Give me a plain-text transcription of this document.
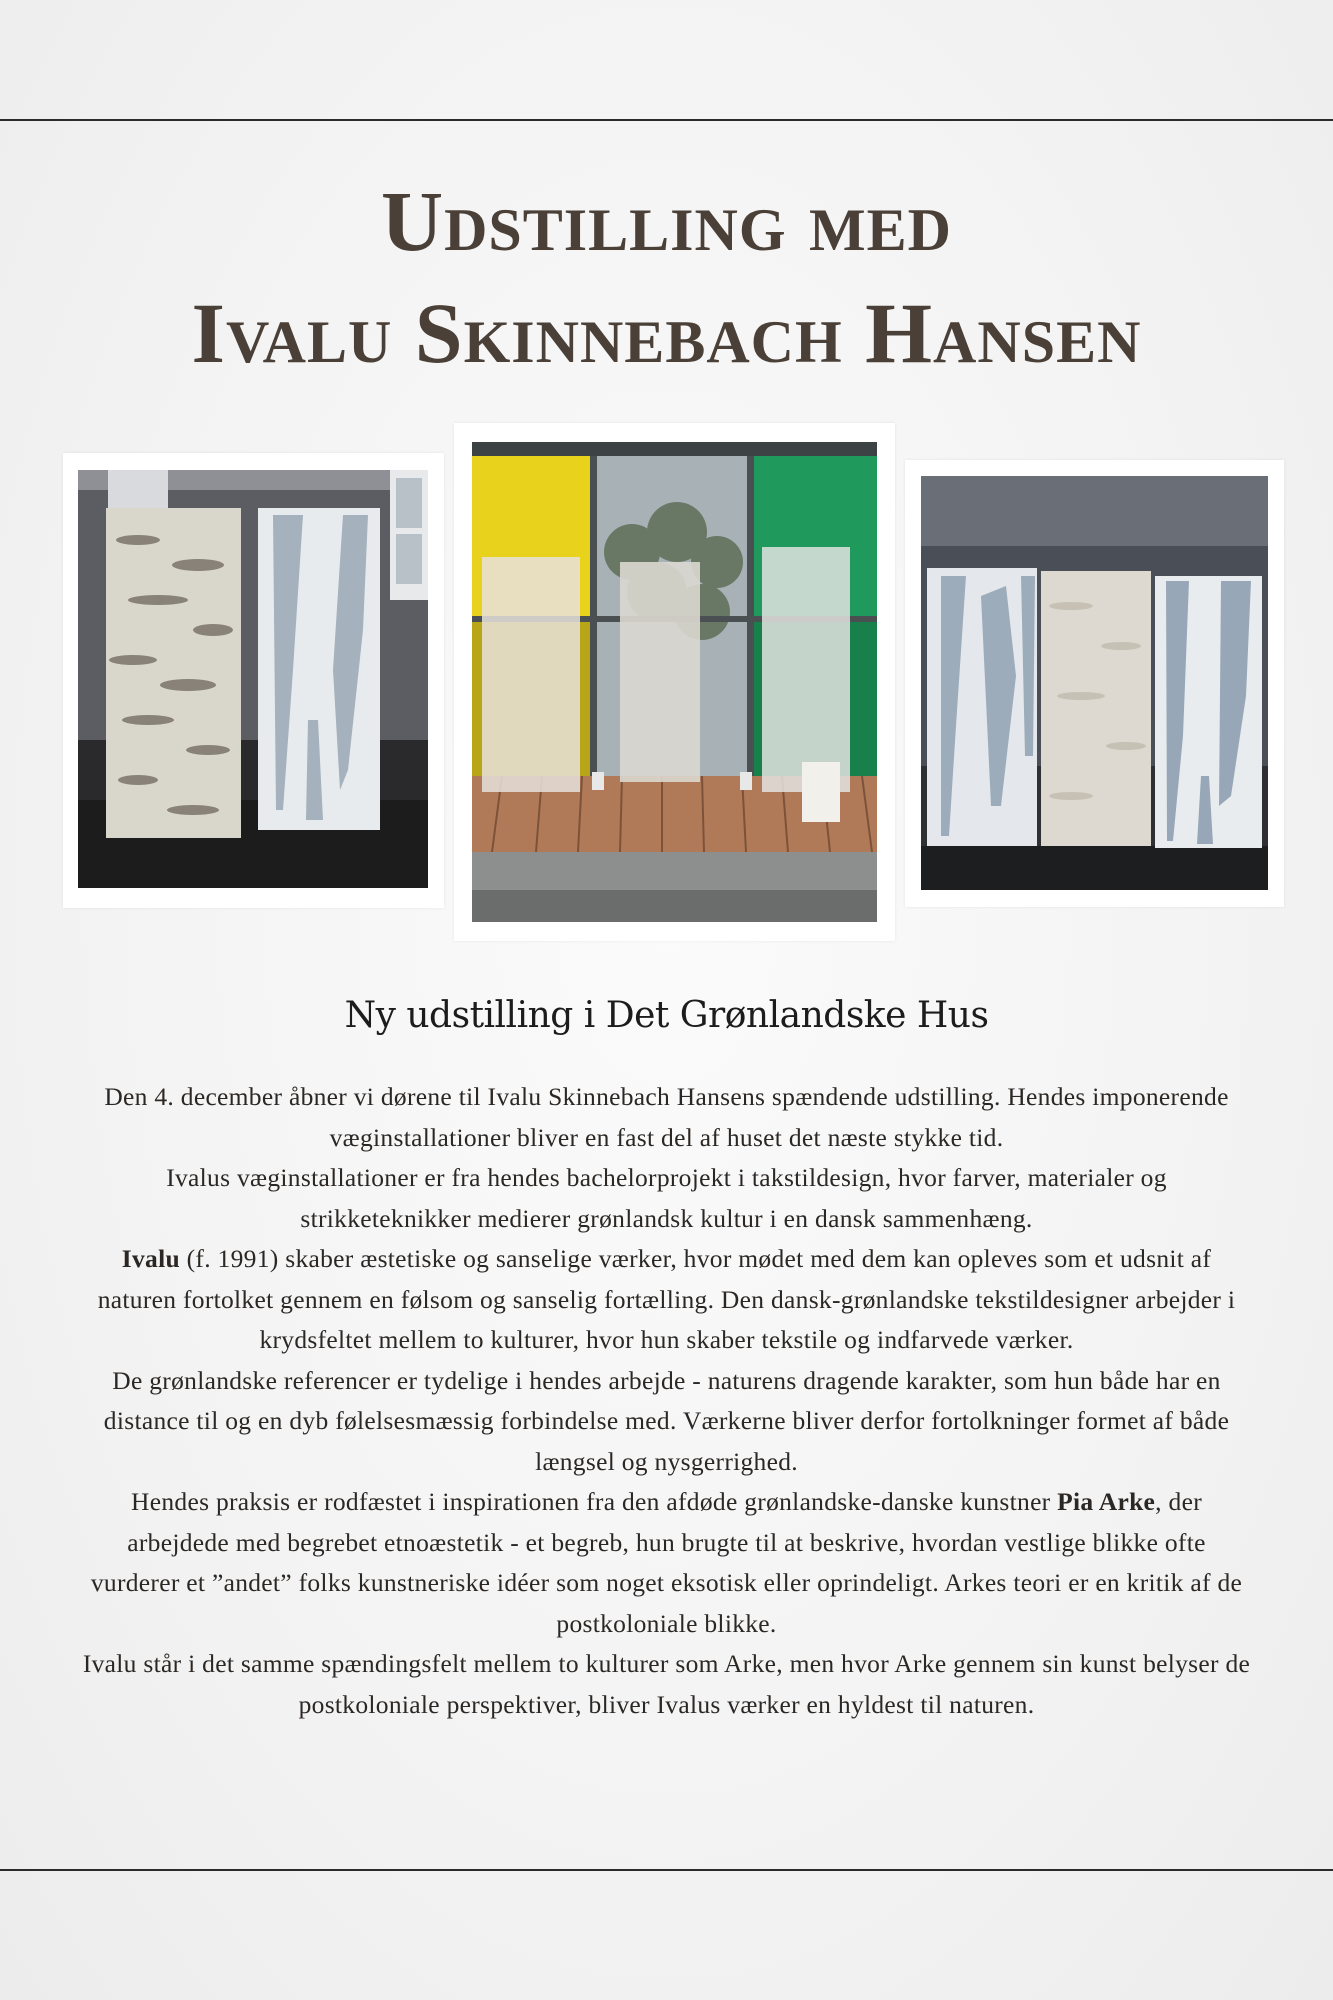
Udstilling med
Ivalu Skinnebach Hansen
Ny udstilling i Det Grønlandske Hus

Den 4. december åbner vi dørene til Ivalu Skinnebach Hansens spændende udstilling. Hendes imponerende væginstallationer bliver en fast del af huset det næste stykke tid.

Ivalus væginstallationer er fra hendes bachelorprojekt i takstildesign, hvor farver, materialer og strikketeknikker medierer grønlandsk kultur i en dansk sammenhæng.

Ivalu (f. 1991) skaber æstetiske og sanselige værker, hvor mødet med dem kan opleves som et udsnit af naturen fortolket gennem en følsom og sanselig fortælling. Den dansk-grønlandske tekstildesigner arbejder i krydsfeltet mellem to kulturer, hvor hun skaber tekstile og indfarvede værker.

De grønlandske referencer er tydelige i hendes arbejde - naturens dragende karakter, som hun både har en distance til og en dyb følelsesmæssig forbindelse med. Værkerne bliver derfor fortolkninger formet af både længsel og nysgerrighed.

Hendes praksis er rodfæstet i inspirationen fra den afdøde grønlandske-danske kunstner Pia Arke, der arbejdede med begrebet etnoæstetik - et begreb, hun brugte til at beskrive, hvordan vestlige blikke ofte vurderer et ”andet” folks kunstneriske idéer som noget eksotisk eller oprindeligt. Arkes teori er en kritik af de postkoloniale blikke.

Ivalu står i det samme spændingsfelt mellem to kulturer som Arke, men hvor Arke gennem sin kunst belyser de postkoloniale perspektiver, bliver Ivalus værker en hyldest til naturen.
